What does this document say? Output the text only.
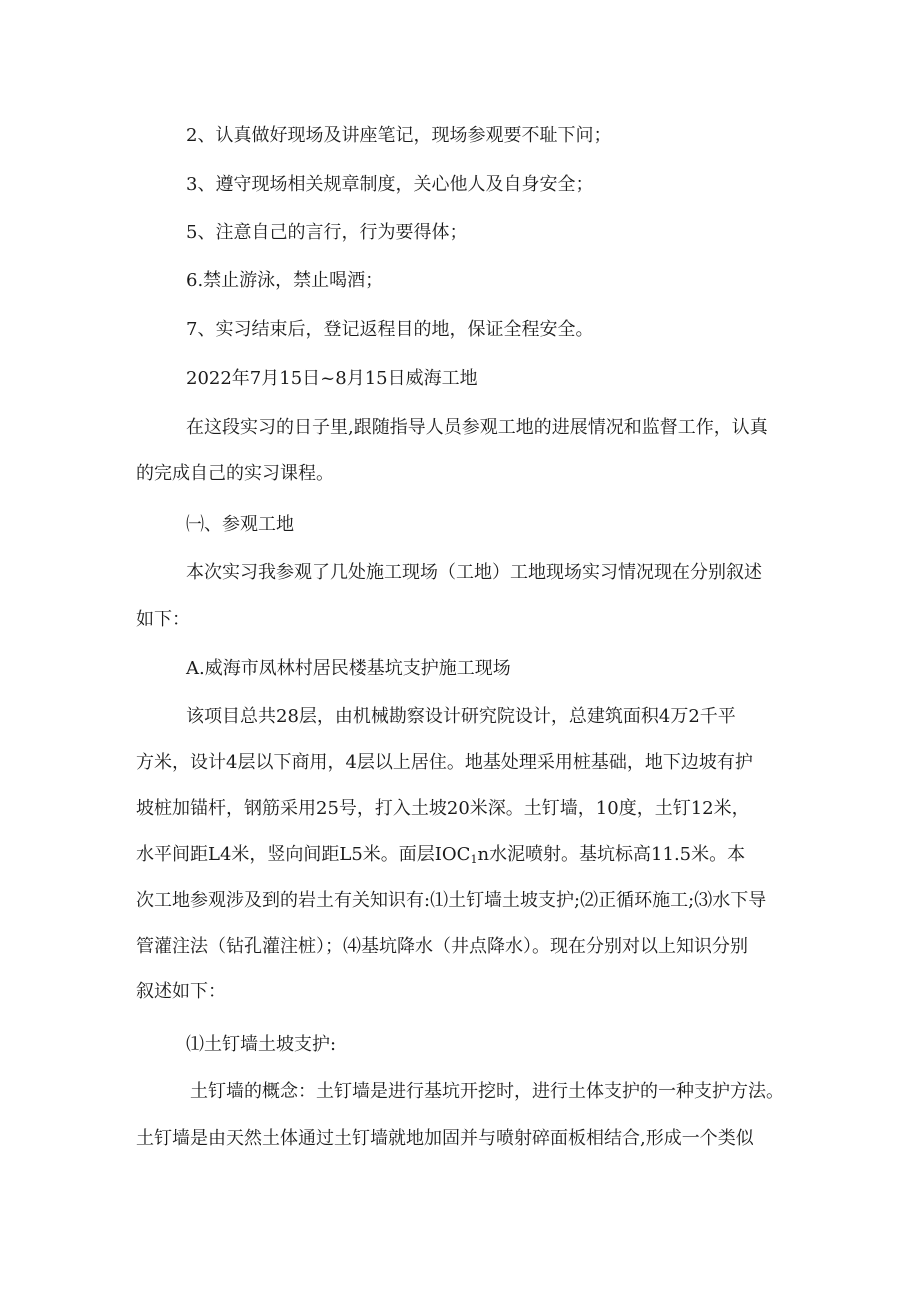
2、认真做好现场及讲座笔记，现场参观要不耻下问；
3、遵守现场相关规章制度，关心他人及自身安全；
5、注意自己的言行，行为要得体；
6.禁止游泳，禁止喝酒；
7、实习结束后，登记返程目的地，保证全程安全。
2022年7月15日~8月15日威海工地
在这段实习的日子里,跟随指导人员参观工地的进展情况和监督工作，认真
的完成自己的实习课程。
㈠、参观工地
本次实习我参观了几处施工现场（工地）工地现场实习情况现在分别叙述
如下：
A.威海市凤林村居民楼基坑支护施工现场
该项目总共28层，由机械勘察设计研究院设计，总建筑面积4万2千平
方米，设计4层以下商用，4层以上居住。地基处理采用桩基础，地下边坡有护
坡桩加锚杆，钢筋采用25号，打入土坡20米深。土钉墙，10度，土钉12米，
水平间距L4米，竖向间距L5米。面层$IOC_1n$水泥喷射。基坑标高11.5米。本
次工地参观涉及到的岩土有关知识有:⑴土钉墙土坡支护;⑵正循环施工;⑶水下导
管灌注法（钻孔灌注桩）；⑷基坑降水（井点降水）。现在分别对以上知识分别
叙述如下：
⑴土钉墙土坡支护:
土钉墙的概念：土钉墙是进行基坑开挖时，进行土体支护的一种支护方法。
土钉墙是由天然土体通过土钉墙就地加固并与喷射碎面板相结合,形成一个类似
